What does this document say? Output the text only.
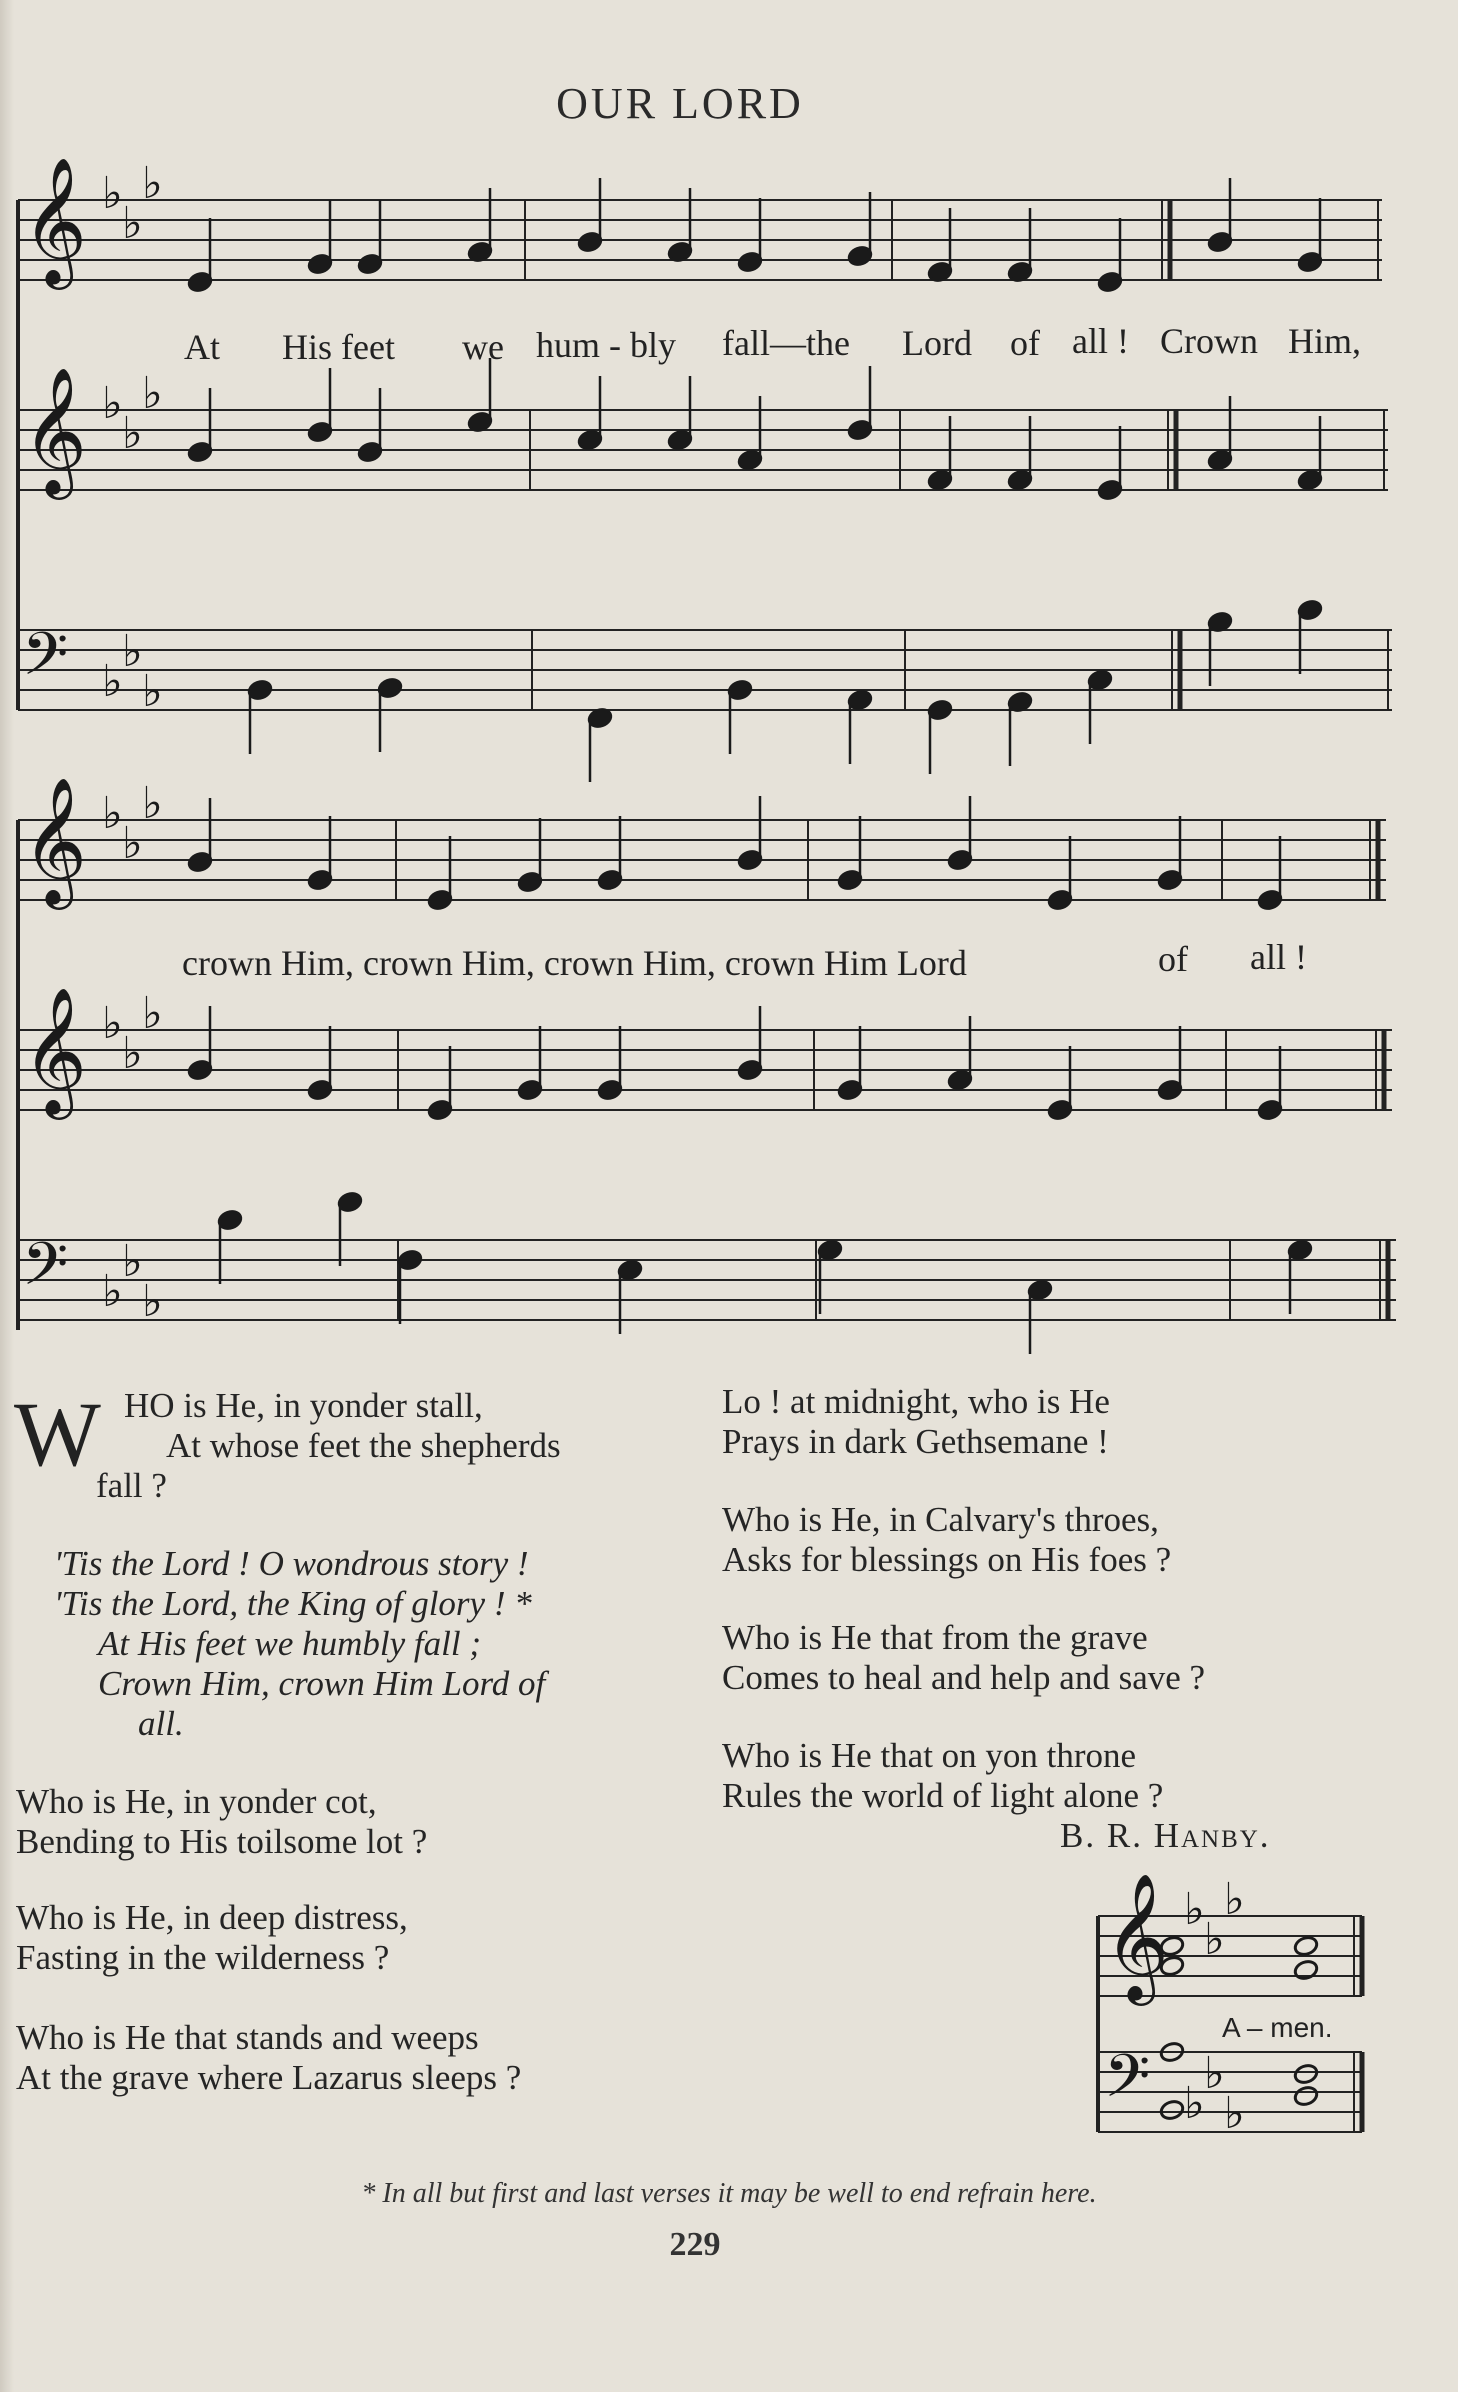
OUR LORD
𝄞 ♭
♭
♭
𝄞 ♭
♭
♭
𝄢 ♭
♭
♭
𝄞 ♭
♭
♭
𝄞 ♭
♭
♭
𝄢 ♭
♭
♭
𝄞 ♭
♭
♭
𝄢 ♭
♭
♭
At His feet we hum - bly fall—the Lord of all ! Crown Him,
crown Him, crown Him, crown Him, crown Him Lord	of all !
W HO is He, in yonder stall,

At whose feet the shepherds

fall ?

'Tis the Lord ! O wondrous story !

'Tis the Lord, the King of glory ! *

At His feet we humbly fall ;

Crown Him, crown Him Lord of

all.

Who is He, in yonder cot,

Bending to His toilsome lot ?

Who is He, in deep distress,

Fasting in the wilderness ?

Who is He that stands and weeps

At the grave where Lazarus sleeps ?

Lo ! at midnight, who is He

Prays in dark Gethsemane !

Who is He, in Calvary's throes,

Asks for blessings on His foes ?

Who is He that from the grave

Comes to heal and help and save ?

Who is He that on yon throne

Rules the world of light alone ?

B. R. Hanby.
A – men.
* In all but first and last verses it may be well to end refrain here.
229
